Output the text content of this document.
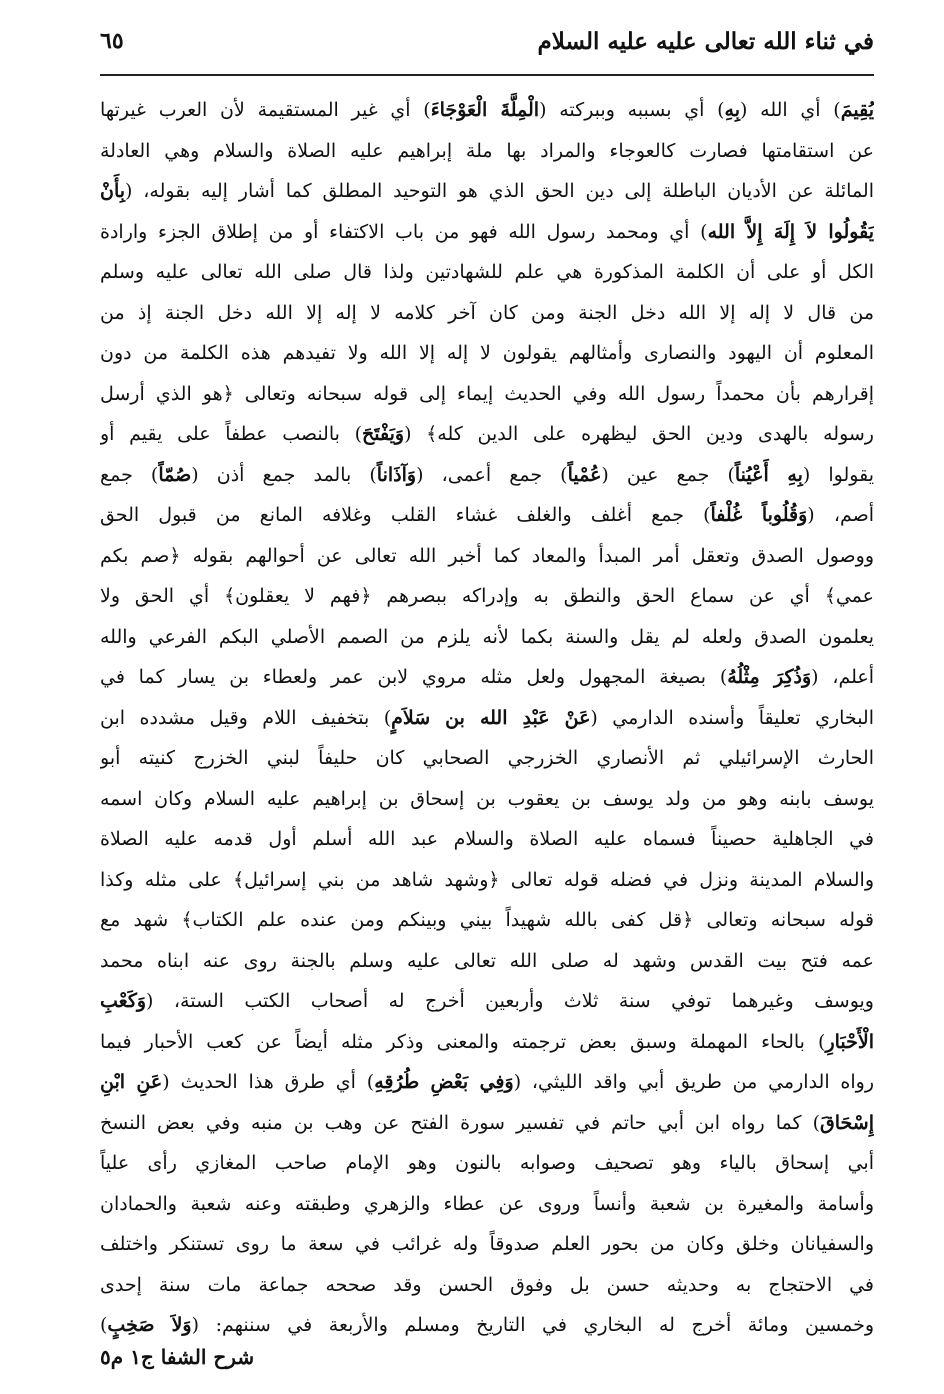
في ثناء الله تعالى عليه عليه السلام
٦٥
يُقِيمَ) أي الله (بِهِ) أي بسببه وببركته (الْمِلَّةَ الْعَوْجَاءَ) أي غير المستقيمة لأن العرب غيرتها
عن استقامتها فصارت كالعوجاء والمراد بها ملة إبراهيم عليه الصلاة والسلام وهي العادلة
المائلة عن الأديان الباطلة إلى دين الحق الذي هو التوحيد المطلق كما أشار إليه بقوله، (بِأَنْ
يَقُولُوا لاَ إِلَهَ إِلاَّ الله) أي ومحمد رسول الله فهو من باب الاكتفاء أو من إطلاق الجزء وارادة
الكل أو على أن الكلمة المذكورة هي علم للشهادتين ولذا قال صلى الله تعالى عليه وسلم
من قال لا إله إلا الله دخل الجنة ومن كان آخر كلامه لا إله إلا الله دخل الجنة إذ من
المعلوم أن اليهود والنصارى وأمثالهم يقولون لا إله إلا الله ولا تفيدهم هذه الكلمة من دون
إقرارهم بأن محمداً رسول الله وفي الحديث إيماء إلى قوله سبحانه وتعالى ﴿هو الذي أرسل
رسوله بالهدى ودين الحق ليظهره على الدين كله﴾ (وَيَفْتَحَ) بالنصب عطفاً على يقيم أو
يقولوا (بِهِ أَعْيُناً) جمع عين (عُمْياً) جمع أعمى، (وَآذَاناً) بالمد جمع أذن (صُمّاً) جمع
أصم، (وَقُلُوباً غُلْفاً) جمع أغلف والغلف غشاء القلب وغلافه المانع من قبول الحق
ووصول الصدق وتعقل أمر المبدأ والمعاد كما أخبر الله تعالى عن أحوالهم بقوله ﴿صم بكم
عمي﴾ أي عن سماع الحق والنطق به وإدراكه ببصرهم ﴿فهم لا يعقلون﴾ أي الحق ولا
يعلمون الصدق ولعله لم يقل والسنة بكما لأنه يلزم من الصمم الأصلي البكم الفرعي والله
أعلم، (وَذُكِرَ مِثْلُهُ) بصيغة المجهول ولعل مثله مروي لابن عمر ولعطاء بن يسار كما في
البخاري تعليقاً وأسنده الدارمي (عَنْ عَبْدِ الله بن سَلاَمٍ) بتخفيف اللام وقيل مشدده ابن
الحارث الإسرائيلي ثم الأنصاري الخزرجي الصحابي كان حليفاً لبني الخزرج كنيته أبو
يوسف بابنه وهو من ولد يوسف بن يعقوب بن إسحاق بن إبراهيم عليه السلام وكان اسمه
في الجاهلية حصيناً فسماه عليه الصلاة والسلام عبد الله أسلم أول قدمه عليه الصلاة
والسلام المدينة ونزل في فضله قوله تعالى ﴿وشهد شاهد من بني إسرائيل﴾ على مثله وكذا
قوله سبحانه وتعالى ﴿قل كفى بالله شهيداً بيني وبينكم ومن عنده علم الكتاب﴾ شهد مع
عمه فتح بيت القدس وشهد له صلى الله تعالى عليه وسلم بالجنة روى عنه ابناه محمد
ويوسف وغيرهما توفي سنة ثلاث وأربعين أخرج له أصحاب الكتب الستة، (وَكَعْبِ
الْأَحْبَارِ) بالحاء المهملة وسبق بعض ترجمته والمعنى وذكر مثله أيضاً عن كعب الأحبار فيما
رواه الدارمي من طريق أبي واقد الليثي، (وَفِي بَعْضِ طُرُقِهِ) أي طرق هذا الحديث (عَنِ ابْنِ
إِسْحَاقَ) كما رواه ابن أبي حاتم في تفسير سورة الفتح عن وهب بن منبه وفي بعض النسخ
أبي إسحاق بالياء وهو تصحيف وصوابه بالنون وهو الإمام صاحب المغازي رأى علياً
وأسامة والمغيرة بن شعبة وأنساً وروى عن عطاء والزهري وطبقته وعنه شعبة والحمادان
والسفيانان وخلق وكان من بحور العلم صدوقاً وله غرائب في سعة ما روى تستنكر واختلف
في الاحتجاج به وحديثه حسن بل وفوق الحسن وقد صححه جماعة مات سنة إحدى
وخمسين ومائة أخرج له البخاري في التاريخ ومسلم والأربعة في سننهم: (وَلاَ صَخِبٍ)
شرح الشفا ج١ م٥
